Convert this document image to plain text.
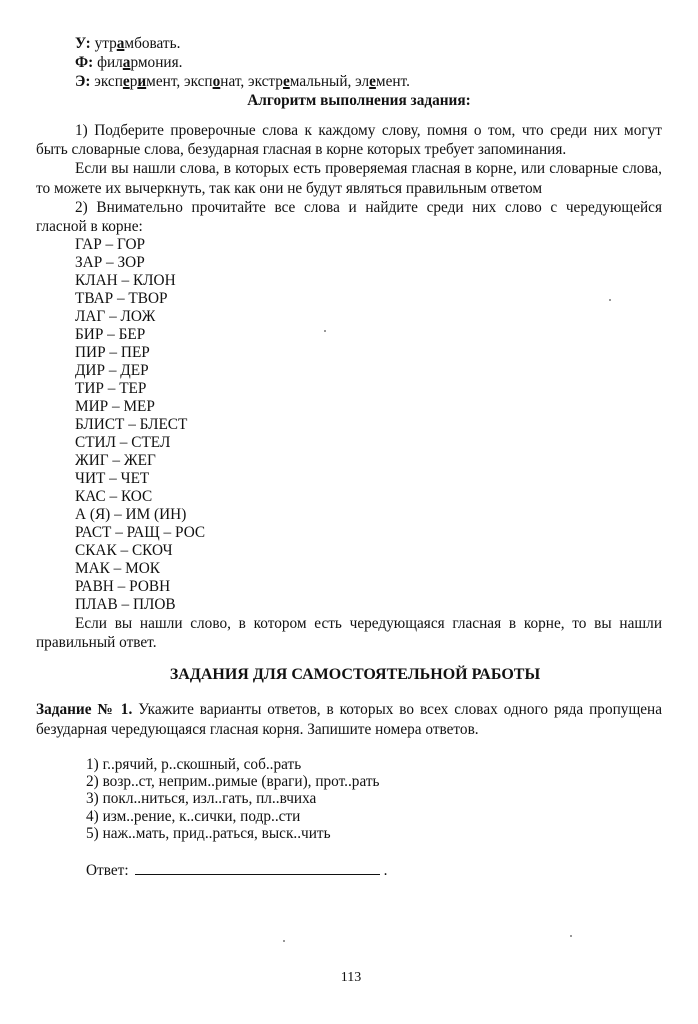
У: утрамбовать.
Ф: филармония.
Э: эксперимент, экспонат, экстремальный, элемент.
Алгоритм выполнения задания:
1) Подберите проверочные слова к каждому слову, помня о том, что среди них могут быть словарные слова, безударная гласная в корне которых требует запоминания.
Если вы нашли слова, в которых есть проверяемая гласная в корне, или словарные слова, то можете их вычеркнуть, так как они не будут являться правильным ответом
2) Внимательно прочитайте все слова и найдите среди них слово с чередующейся гласной в корне:
ГАР – ГОР
ЗАР – ЗОР
КЛАН – КЛОН
ТВАР – ТВОР
ЛАГ – ЛОЖ
БИР – БЕР
ПИР – ПЕР
ДИР – ДЕР
ТИР – ТЕР
МИР – МЕР
БЛИСТ – БЛЕСТ
СТИЛ – СТЕЛ
ЖИГ – ЖЕГ
ЧИТ – ЧЕТ
КАС – КОС
А (Я) – ИМ (ИН)
РАСТ – РАЩ – РОС
СКАК – СКОЧ
МАК – МОК
РАВН – РОВН
ПЛАВ – ПЛОВ
Если вы нашли слово, в котором есть чередующаяся гласная в корне, то вы нашли правильный ответ.
ЗАДАНИЯ ДЛЯ САМОСТОЯТЕЛЬНОЙ РАБОТЫ
Задание № 1. Укажите варианты ответов, в которых во всех словах одного ряда пропущена безударная чередующаяся гласная корня. Запишите номера ответов.
1) г..рячий, р..скошный, соб..рать
2) возр..ст, неприм..римые (враги), прот..рать
3) покл..ниться, изл..гать, пл..вчиха
4) изм..рение, к..сички, подр..сти
5) наж..мать, прид..раться, выск..чить
Ответ:	.
113
